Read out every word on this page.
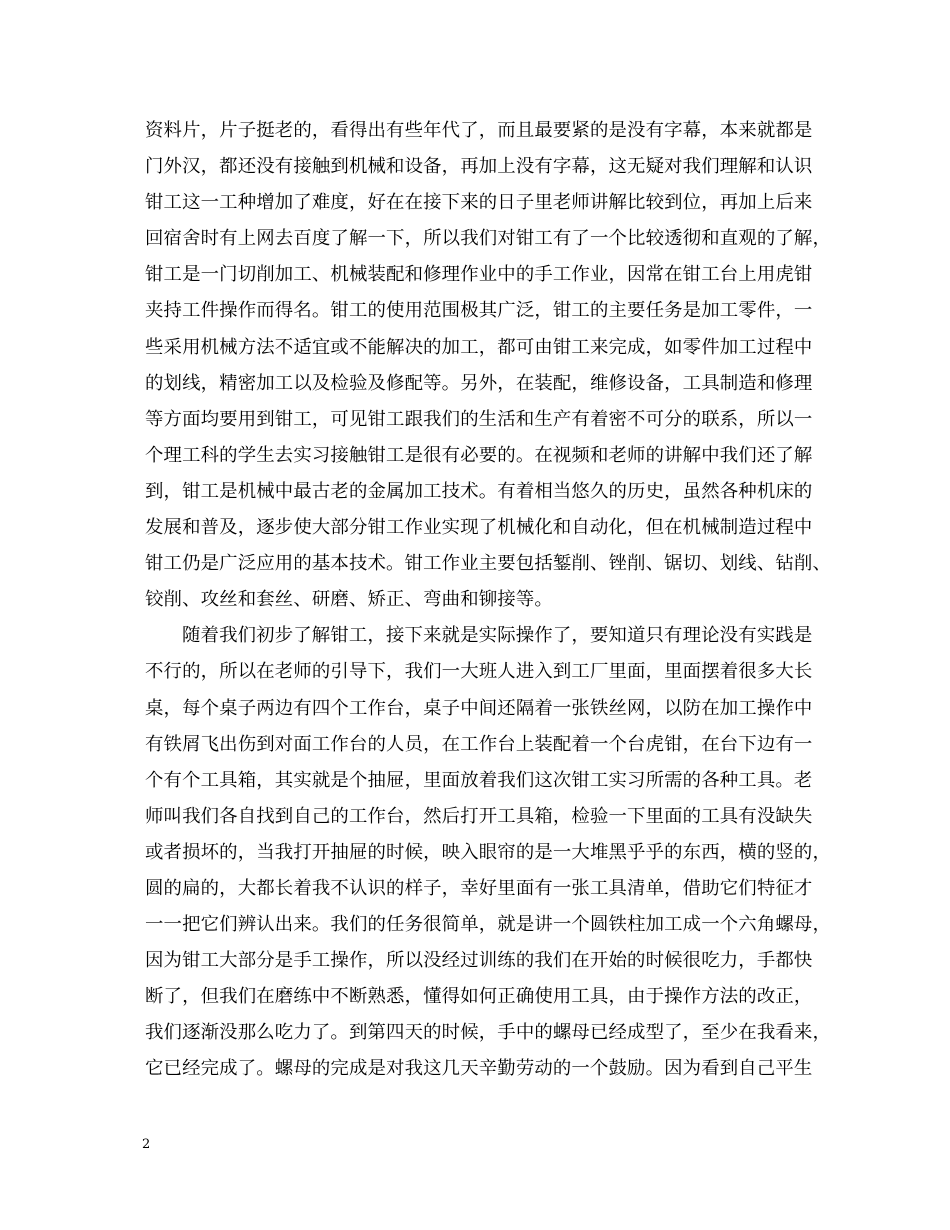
资料片，片子挺老的，看得出有些年代了，而且最要紧的是没有字幕，本来就都是
门外汉，都还没有接触到机械和设备，再加上没有字幕，这无疑对我们理解和认识
钳工这一工种增加了难度，好在在接下来的日子里老师讲解比较到位，再加上后来
回宿舍时有上网去百度了解一下，所以我们对钳工有了一个比较透彻和直观的了解，
钳工是一门切削加工、机械装配和修理作业中的手工作业，因常在钳工台上用虎钳
夹持工件操作而得名。钳工的使用范围极其广泛，钳工的主要任务是加工零件，一
些采用机械方法不适宜或不能解决的加工，都可由钳工来完成，如零件加工过程中
的划线，精密加工以及检验及修配等。另外，在装配，维修设备，工具制造和修理
等方面均要用到钳工，可见钳工跟我们的生活和生产有着密不可分的联系，所以一
个理工科的学生去实习接触钳工是很有必要的。在视频和老师的讲解中我们还了解
到，钳工是机械中最古老的金属加工技术。有着相当悠久的历史，虽然各种机床的
发展和普及，逐步使大部分钳工作业实现了机械化和自动化，但在机械制造过程中
钳工仍是广泛应用的基本技术。钳工作业主要包括錾削、锉削、锯切、划线、钻削、
铰削、攻丝和套丝、研磨、矫正、弯曲和铆接等。
随着我们初步了解钳工，接下来就是实际操作了，要知道只有理论没有实践是
不行的，所以在老师的引导下，我们一大班人进入到工厂里面，里面摆着很多大长
桌，每个桌子两边有四个工作台，桌子中间还隔着一张铁丝网，以防在加工操作中
有铁屑飞出伤到对面工作台的人员，在工作台上装配着一个台虎钳，在台下边有一
个有个工具箱，其实就是个抽屉，里面放着我们这次钳工实习所需的各种工具。老
师叫我们各自找到自己的工作台，然后打开工具箱，检验一下里面的工具有没缺失
或者损坏的，当我打开抽屉的时候，映入眼帘的是一大堆黑乎乎的东西，横的竖的，
圆的扁的，大都长着我不认识的样子，幸好里面有一张工具清单，借助它们特征才
一一把它们辨认出来。我们的任务很简单，就是讲一个圆铁柱加工成一个六角螺母，
因为钳工大部分是手工操作，所以没经过训练的我们在开始的时候很吃力，手都快
断了，但我们在磨练中不断熟悉，懂得如何正确使用工具，由于操作方法的改正，
我们逐渐没那么吃力了。到第四天的时候，手中的螺母已经成型了，至少在我看来，
它已经完成了。螺母的完成是对我这几天辛勤劳动的一个鼓励。因为看到自己平生
2
